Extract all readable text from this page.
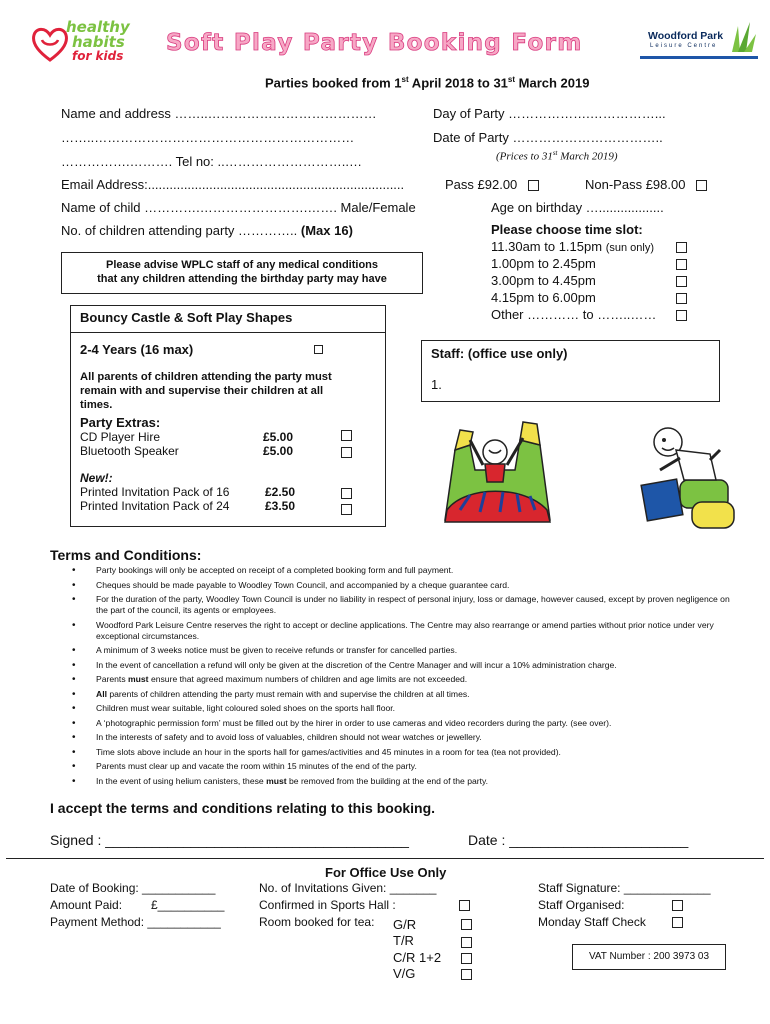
healthy
habits
for kids Soft Play Party Booking Form	Woodford Park
Leisure Centre
Parties booked from 1st April 2018 to 31st March 2019
Name and address ……..…………………………………
……..……………………………………………………
…………….………. Tel no: ..………………………..…
Day of Party ……………….……………...
Date of Party ……………………………..
(Prices to 31st March 2019)
Email Address:.......................................................................	Pass £92.00	Non-Pass £98.00
Name of child ………….…………………….……. Male/Female	Age on birthday …..................
No. of children attending party ………….. (Max 16)
Please advise WPLC staff of any medical conditions
that any children attending the birthday party may have
Please choose time slot:
11.30am to 1.15pm (sun only)
1.00pm to 2.45pm
3.00pm to 4.45pm
4.15pm to 6.00pm
Other ………… to ……..……
Bouncy Castle & Soft Play Shapes
2-4 Years (16 max)
All parents of children attending the party must
remain with and supervise their children at all
times.
Staff: (office use only)
1.
Party Extras:
CD Player Hire	£5.00
Bluetooth Speaker	£5.00
New!:
Printed Invitation Pack of 16	£2.50
Printed Invitation Pack of 24	£3.50
Terms and Conditions:
• Party bookings will only be accepted on receipt of a completed booking form and full payment.
• Cheques should be made payable to Woodley Town Council, and accompanied by a cheque guarantee card.
• For the duration of the party, Woodley Town Council is under no liability in respect of personal injury, loss or damage, however caused, except by proven negligence on the part of the council, its agents or employees.
• Woodford Park Leisure Centre reserves the right to accept or decline applications. The Centre may also rearrange or amend parties without prior notice under very exceptional circumstances.
• A minimum of 3 weeks notice must be given to receive refunds or transfer for cancelled parties.
• In the event of cancellation a refund will only be given at the discretion of the Centre Manager and will incur a 10% administration charge.
• Parents must ensure that agreed maximum numbers of children and age limits are not exceeded.
• All parents of children attending the party must remain with and supervise the children at all times.
• Children must wear suitable, light coloured soled shoes on the sports hall floor.
• A ‘photographic permission form’ must be filled out by the hirer in order to use cameras and video recorders during the party. (see over).
• In the interests of safety and to avoid loss of valuables, children should not wear watches or jewellery.
• Time slots above include an hour in the sports hall for games/activities and 45 minutes in a room for tea (tea not provided).
• Parents must clear up and vacate the room within 15 minutes of the end of the party.
• In the event of using helium canisters, these must be removed from the building at the end of the party.
I accept the terms and conditions relating to this booking.
Signed : _______________________________________	Date : _______________________
For Office Use Only
Date of Booking: ___________
Amount Paid: £__________
Payment Method: ___________
No. of Invitations Given: _______
Confirmed in Sports Hall :
Room booked for tea: G/R
T/R
C/R 1+2
V/G
Staff Signature: _____________
Staff Organised:
Monday Staff Check
VAT Number : 200 3973 03
